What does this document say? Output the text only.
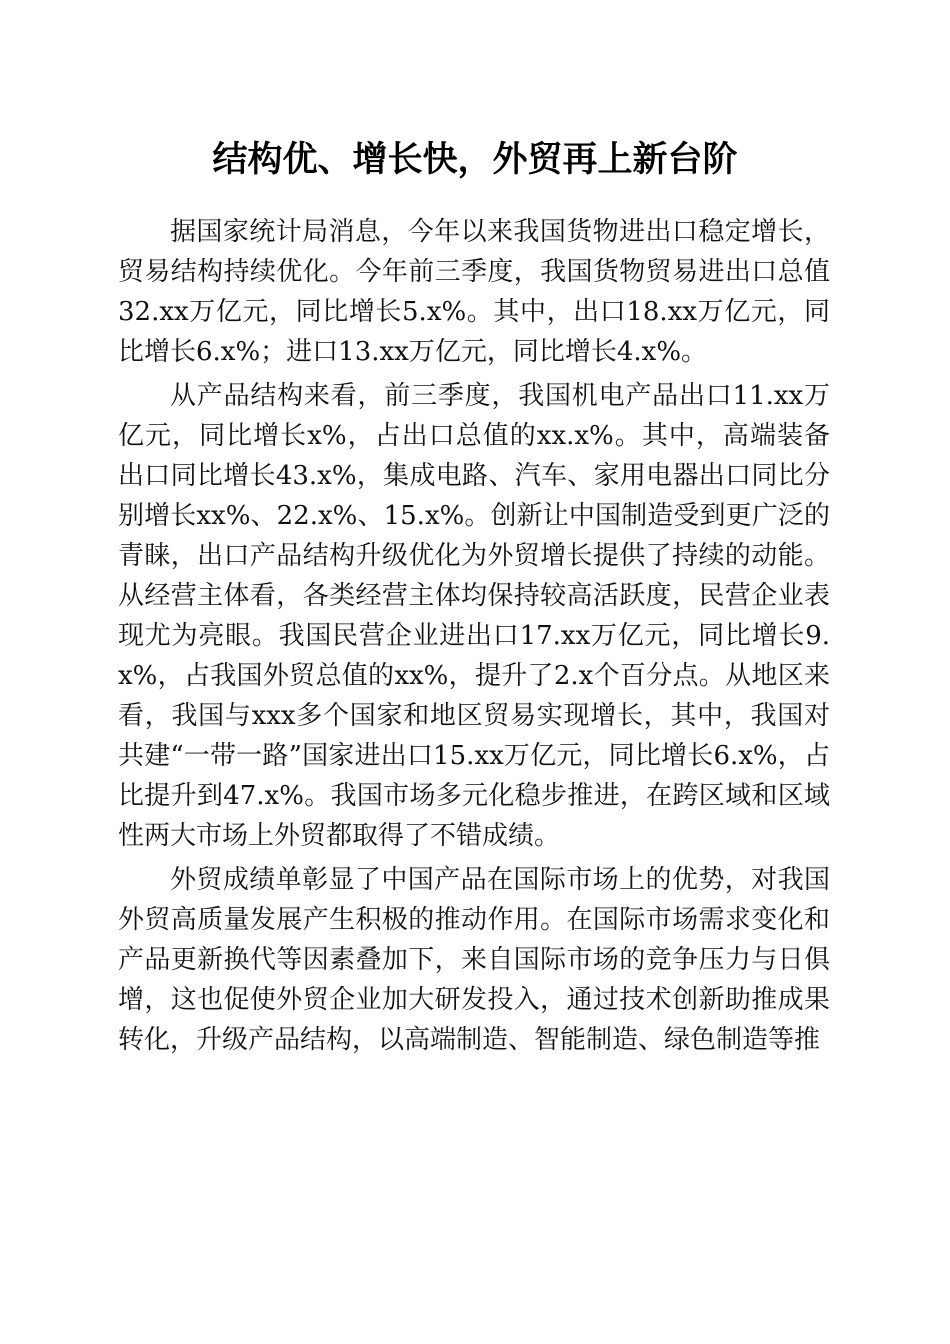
结构优、增长快，外贸再上新台阶

据国家统计局消息，今年以来我国货物进出口稳定增长，贸易结构持续优化。今年前三季度，我国货物贸易进出口总值32.xx万亿元，同比增长5.x%。其中，出口18.xx万亿元，同比增长6.x%；进口13.xx万亿元，同比增长4.x%。

从产品结构来看，前三季度，我国机电产品出口11.xx万亿元，同比增长x%，占出口总值的xx.x%。其中，高端装备出口同比增长43.x%，集成电路、汽车、家用电器出口同比分别增长xx%、22.x%、15.x%。创新让中国制造受到更广泛的青睐，出口产品结构升级优化为外贸增长提供了持续的动能。从经营主体看，各类经营主体均保持较高活跃度，民营企业表现尤为亮眼。我国民营企业进出口17.xx万亿元，同比增长9.x%，占我国外贸总值的xx%，提升了2.x个百分点。从地区来看，我国与xxx多个国家和地区贸易实现增长，其中，我国对共建“一带一路”国家进出口15.xx万亿元，同比增长6.x%，占比提升到47.x%。我国市场多元化稳步推进，在跨区域和区域性两大市场上外贸都取得了不错成绩。

外贸成绩单彰显了中国产品在国际市场上的优势，对我国外贸高质量发展产生积极的推动作用。在国际市场需求变化和产品更新换代等因素叠加下，来自国际市场的竞争压力与日俱增，这也促使外贸企业加大研发投入，通过技术创新助推成果转化，升级产品结构，以高端制造、智能制造、绿色制造等推
